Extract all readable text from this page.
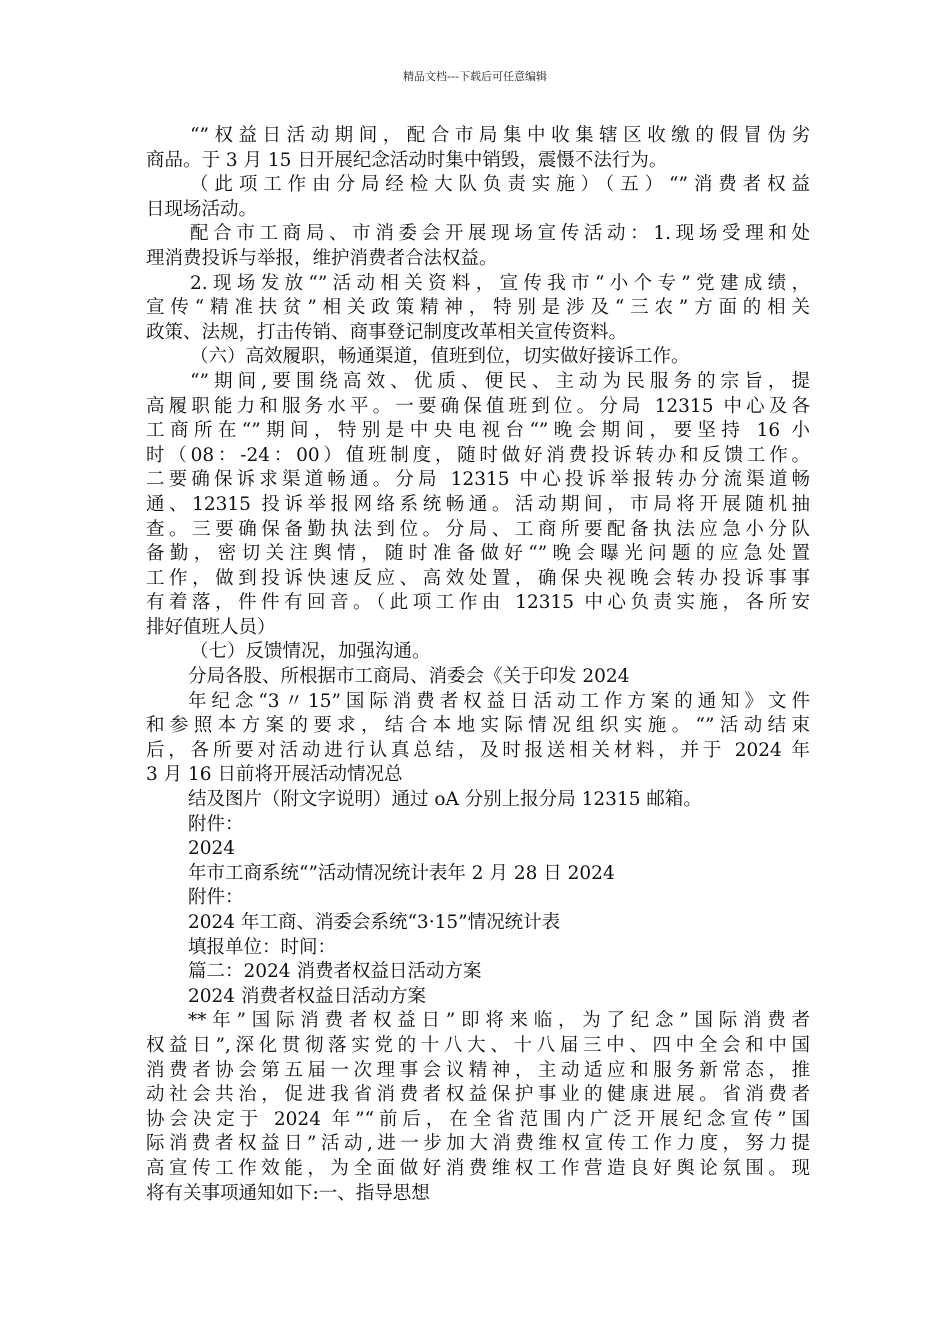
精品文档---下载后可任意编辑
“”权益日活动期间，配合市局集中收集辖区收缴的假冒伪劣
商品。于 3 月 15 日开展纪念活动时集中销毁，震慑不法行为。
（此项工作由分局经检大队负责实施）（五）“”消费者权益
日现场活动。
配合市工商局、市消委会开展现场宣传活动：1.现场受理和处
理消费投诉与举报，维护消费者合法权益。
2.现场发放“”活动相关资料，宣传我市“小个专”党建成绩，
宣传“精准扶贫”相关政策精神，特别是涉及“三农”方面的相关
政策、法规，打击传销、商事登记制度改革相关宣传资料。
（六）高效履职，畅通渠道，值班到位，切实做好接诉工作。
“”期间,要围绕高效、优质、便民、主动为民服务的宗旨，提
高履职能力和服务水平。一要确保值班到位。分局 12315 中心及各
工商所在“”期间，特别是中央电视台“”晚会期间，要坚持 16 小
时（08：-24：00）值班制度，随时做好消费投诉转办和反馈工作。
二要确保诉求渠道畅通。分局 12315 中心投诉举报转办分流渠道畅
通、12315 投诉举报网络系统畅通。活动期间，市局将开展随机抽
查。三要确保备勤执法到位。分局、工商所要配备执法应急小分队
备勤，密切关注舆情，随时准备做好“”晚会曝光问题的应急处置
工作，做到投诉快速反应、高效处置，确保央视晚会转办投诉事事
有着落，件件有回音。（此项工作由 12315 中心负责实施，各所安
排好值班人员）
（七）反馈情况，加强沟通。
分局各股、所根据市工商局、消委会《关于印发 2024
年纪念“3〃15”国际消费者权益日活动工作方案的通知》文件
和参照本方案的要求，结合本地实际情况组织实施。“”活动结束
后，各所要对活动进行认真总结，及时报送相关材料，并于 2024 年
3 月 16 日前将开展活动情况总
结及图片（附文字说明）通过 oA 分别上报分局 12315 邮箱。
附件：
2024
年市工商系统“”活动情况统计表年 2 月 28 日 2024
附件：
2024 年工商、消委会系统“3·15”情况统计表
填报单位：时间：
篇二：2024 消费者权益日活动方案
2024 消费者权益日活动方案
**年”国际消费者权益日”即将来临，为了纪念”国际消费者
权益日”,深化贯彻落实党的十八大、十八届三中、四中全会和中国
消费者协会第五届一次理事会议精神，主动适应和服务新常态，推
动社会共治，促进我省消费者权益保护事业的健康进展。省消费者
协会决定于 2024 年”“前后，在全省范围内广泛开展纪念宣传”国
际消费者权益日”活动,进一步加大消费维权宣传工作力度，努力提
高宣传工作效能，为全面做好消费维权工作营造良好舆论氛围。现
将有关事项通知如下:一、指导思想
